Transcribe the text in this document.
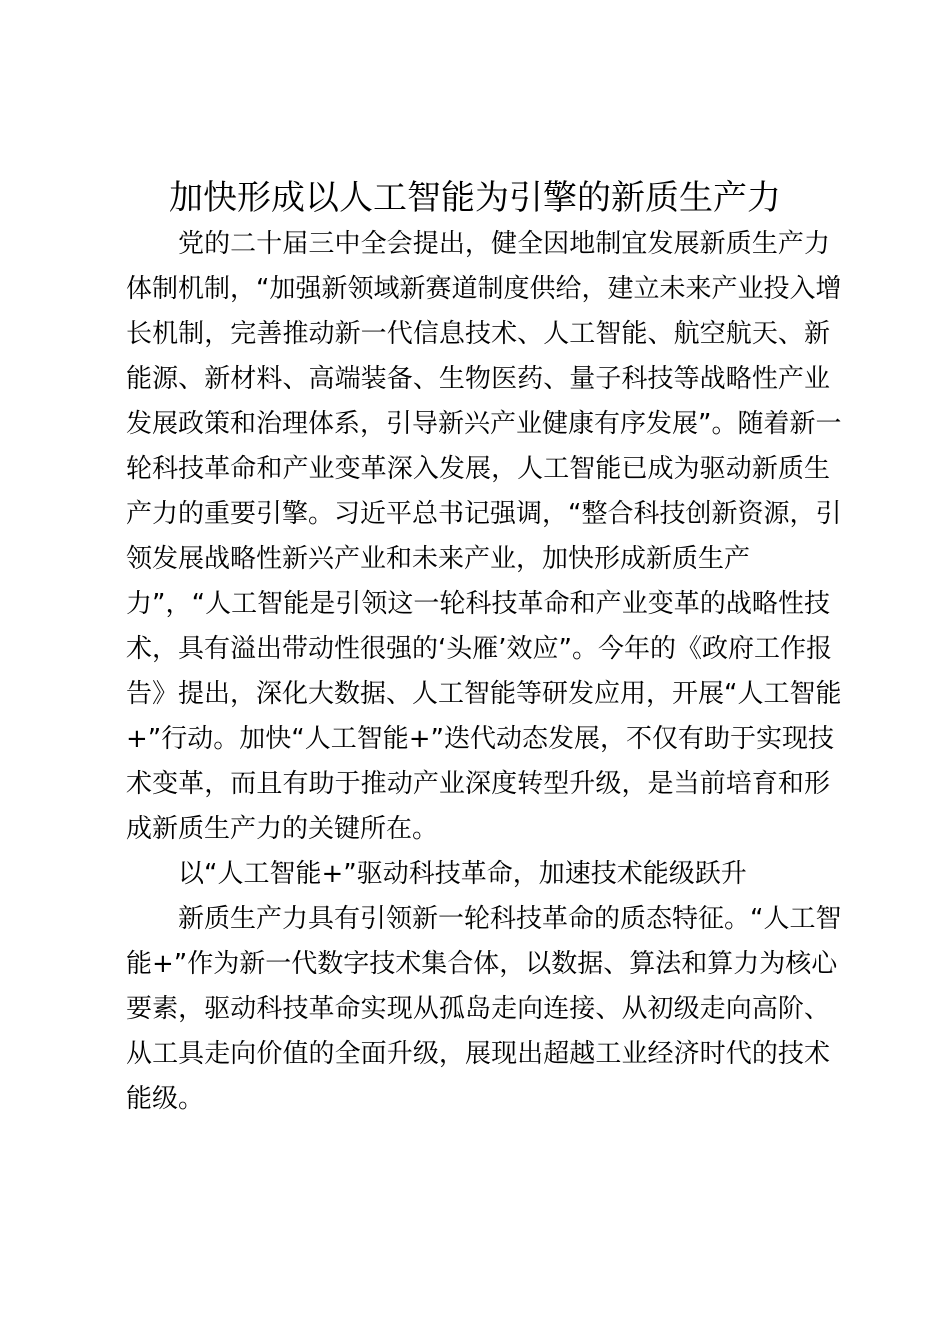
加快形成以人工智能为引擎的新质生产力
党的二十届三中全会提出，健全因地制宜发展新质生产力
体制机制，“加强新领域新赛道制度供给，建立未来产业投入增
长机制，完善推动新一代信息技术、人工智能、航空航天、新
能源、新材料、高端装备、生物医药、量子科技等战略性产业
发展政策和治理体系，引导新兴产业健康有序发展”。随着新一
轮科技革命和产业变革深入发展，人工智能已成为驱动新质生
产力的重要引擎。习近平总书记强调，“整合科技创新资源，引
领发展战略性新兴产业和未来产业，加快形成新质生产
力”，“人工智能是引领这一轮科技革命和产业变革的战略性技
术，具有溢出带动性很强的‘头雁’效应”。今年的《政府工作报
告》提出，深化大数据、人工智能等研发应用，开展“人工智能
+”行动。加快“人工智能+”迭代动态发展，不仅有助于实现技
术变革，而且有助于推动产业深度转型升级，是当前培育和形
成新质生产力的关键所在。
以“人工智能+”驱动科技革命，加速技术能级跃升
新质生产力具有引领新一轮科技革命的质态特征。“人工智
能+”作为新一代数字技术集合体，以数据、算法和算力为核心
要素，驱动科技革命实现从孤岛走向连接、从初级走向高阶、
从工具走向价值的全面升级，展现出超越工业经济时代的技术
能级。
